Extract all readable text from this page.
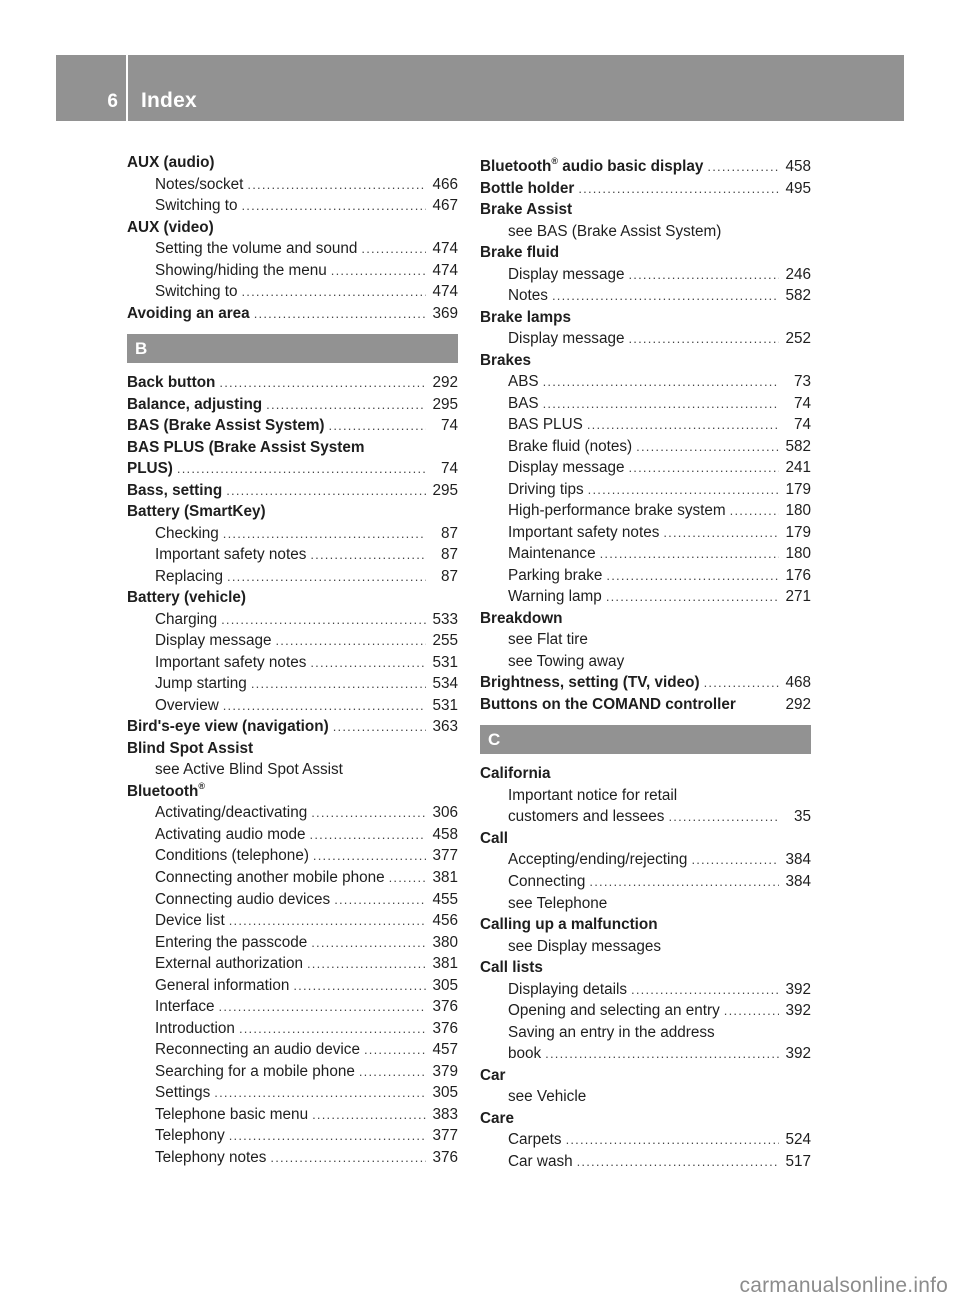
6 Index
AUX (audio)
Notes/socket .....	466
Switching to .....	467
AUX (video)
Setting the volume and sound .....	474
Showing/hiding the menu .....	474
Switching to .....	474
Avoiding an area .....	369
B
Back button .....	292
Balance, adjusting .....	295
BAS (Brake Assist System) .....	74
BAS PLUS (Brake Assist System
PLUS) .....	74
Bass, setting .....	295
Battery (SmartKey)
Checking .....	87
Important safety notes .....	87
Replacing .....	87
Battery (vehicle)
Charging .....	533
Display message .....	255
Important safety notes .....	531
Jump starting .....	534
Overview .....	531
Bird's-eye view (navigation) .....	363
Blind Spot Assist
see Active Blind Spot Assist
Bluetooth®
Activating/deactivating .....	306
Activating audio mode .....	458
Conditions (telephone) .....	377
Connecting another mobile phone .....	381
Connecting audio devices .....	455
Device list .....	456
Entering the passcode .....	380
External authorization .....	381
General information .....	305
Interface .....	376
Introduction .....	376
Reconnecting an audio device .....	457
Searching for a mobile phone .....	379
Settings .....	305
Telephone basic menu .....	383
Telephony .....	377
Telephony notes .....	376
Bluetooth® audio basic display .....	458
Bottle holder .....	495
Brake Assist
see BAS (Brake Assist System)
Brake fluid
Display message .....	246
Notes .....	582
Brake lamps
Display message .....	252
Brakes
ABS .....	73
BAS .....	74
BAS PLUS .....	74
Brake fluid (notes) .....	582
Display message .....	241
Driving tips .....	179
High-performance brake system .....	180
Important safety notes .....	179
Maintenance .....	180
Parking brake .....	176
Warning lamp .....	271
Breakdown
see Flat tire
see Towing away
Brightness, setting (TV, video) .....	468
Buttons on the COMAND controller	292
C
California
Important notice for retail
customers and lessees .....	35
Call
Accepting/ending/rejecting .....	384
Connecting .....	384
see Telephone
Calling up a malfunction
see Display messages
Call lists
Displaying details .....	392
Opening and selecting an entry .....	392
Saving an entry in the address
book .....	392
Car
see Vehicle
Care
Carpets .....	524
Car wash .....	517
carmanualsonline.info
